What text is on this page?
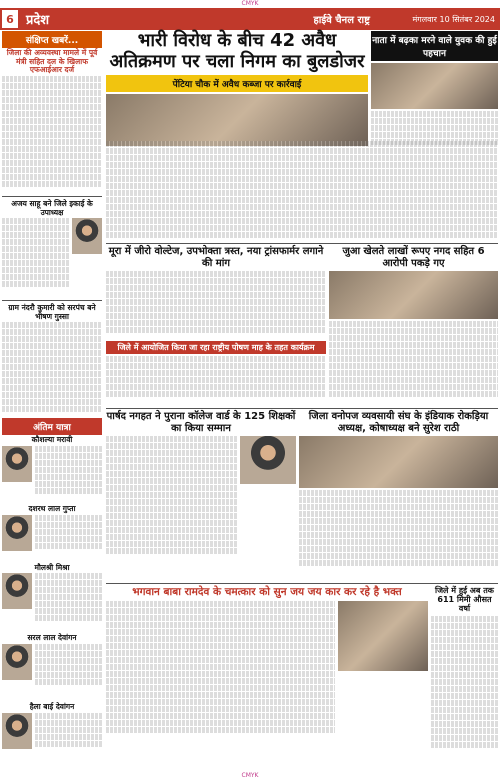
CMYK
6 प्रदेश	हाईवे चैनल राष्ट्र	मंगलवार 10 सितंबर 2024
संक्षिप्त खबरें...
जिला की अव्यवस्था मामले में पूर्व मंत्री सहित दल के खिलाफ एफआईआर दर्ज
अजय साहू बने जिले इकाई के उपाध्यक्ष
ग्राम नंदरौ कुमारी को सरपंच बने भीषण गुस्सा
अंतिम यात्रा
कौशल्या मरावी
दशरथ लाल गुप्ता
मौलश्री मिश्रा
सरल लाल देवांगन
हैला बाई देवांगन
भारी विरोध के बीच 42 अवैध अतिक्रमण पर चला निगम का बुलडोजर
पेंटिया चौक में अवैध कब्जा पर कार्रवाई
नाता में बढ़का मरने वाले युवक की हुई पहचान
मूरा में जीरो वोल्टेज, उपभोक्ता त्रस्त, नया ट्रांसफार्मर लगाने की मांग
जिले में आयोजित किया जा रहा राष्ट्रीय पोषण माह के तहत कार्यक्रम
जुआ खेलते लाखों रूपए नगद सहित 6 आरोपी पकड़े गए
पार्षद नगहत ने पुराना कॉलेज वार्ड के 125 शिक्षकों का किया सम्मान
जिला वनोपज व्यवसायी संघ के इंडियाक रोकड़िया अध्यक्ष, कोषाध्यक्ष बने सुरेश राठी
भगवान बाबा रामदेव के चमत्कार को सुन जय जय कार कर रहे है भक्त	जिले में हुई अब तक 611 मिमी औसत वर्षा
CMYK
